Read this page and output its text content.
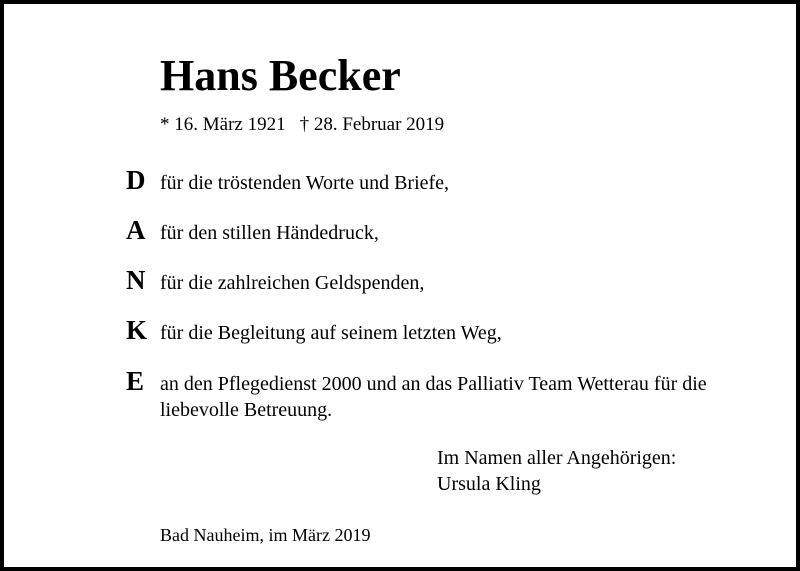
Hans Becker
* 16. März 1921 † 28. Februar 2019
D für die tröstenden Worte und Briefe,
A für den stillen Händedruck,
N für die zahlreichen Geldspenden,
K für die Begleitung auf seinem letzten Weg,
E an den Pflegedienst 2000 und an das Palliativ Team Wetterau für die liebevolle Betreuung.
Im Namen aller Angehörigen:
Ursula Kling
Bad Nauheim, im März 2019
